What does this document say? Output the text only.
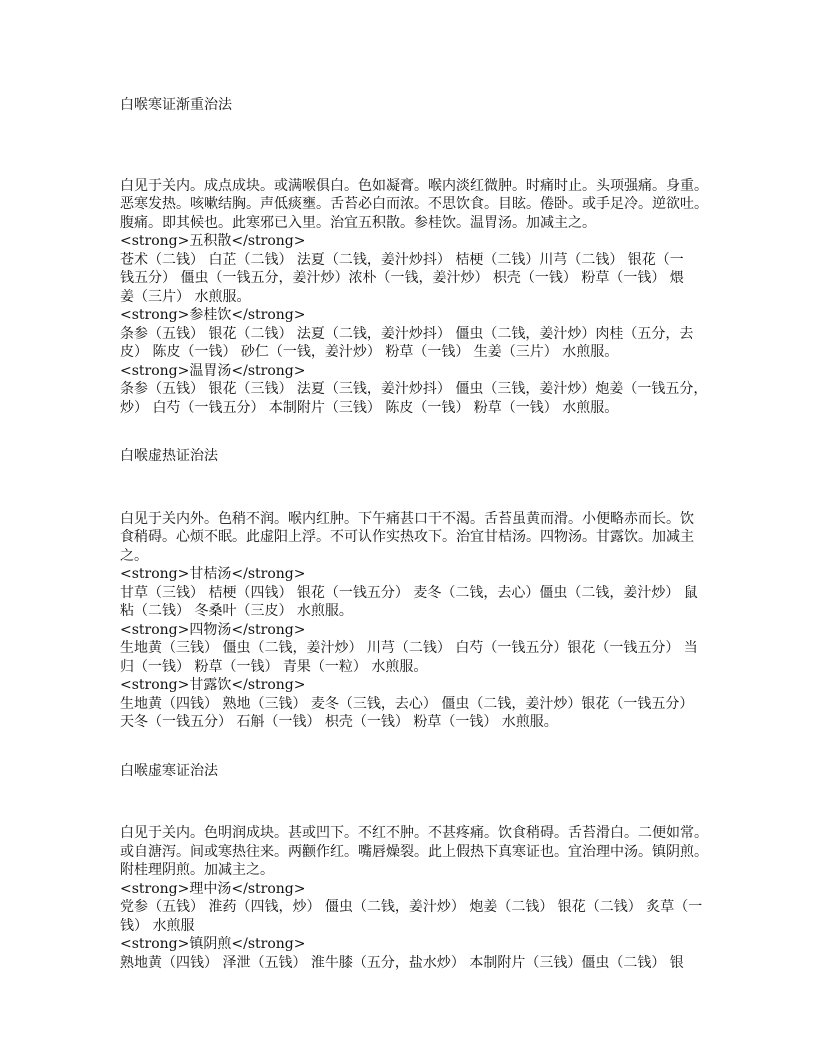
白喉寒证渐重治法
白见于关内。成点成块。或满喉俱白。色如凝膏。喉内淡红微肿。时痛时止。头项强痛。身重。
恶寒发热。咳嗽结胸。声低痰壅。舌苔必白而浓。不思饮食。目眩。倦卧。或手足冷。逆欲吐。
腹痛。即其候也。此寒邪已入里。治宜五积散。参桂饮。温胃汤。加减主之。
<strong>五积散</strong>
苍术（二钱） 白芷（二钱） 法夏（二钱，姜汁炒抖） 桔梗（二钱）川芎（二钱） 银花（一
钱五分） 僵虫（一钱五分，姜汁炒）浓朴（一钱，姜汁炒） 枳壳（一钱） 粉草（一钱） 煨
姜（三片） 水煎服。
<strong>参桂饮</strong>
条参（五钱） 银花（二钱） 法夏（二钱，姜汁炒抖） 僵虫（二钱，姜汁炒）肉桂（五分，去
皮） 陈皮（一钱） 砂仁（一钱，姜汁炒） 粉草（一钱） 生姜（三片） 水煎服。
<strong>温胃汤</strong>
条参（五钱） 银花（三钱） 法夏（三钱，姜汁炒抖） 僵虫（三钱，姜汁炒）炮姜（一钱五分，
炒） 白芍（一钱五分） 本制附片（三钱） 陈皮（一钱） 粉草（一钱） 水煎服。
白喉虚热证治法
白见于关内外。色稍不润。喉内红肿。下午痛甚口干不渴。舌苔虽黄而滑。小便略赤而长。饮
食稍碍。心烦不眠。此虚阳上浮。不可认作实热攻下。治宜甘桔汤。四物汤。甘露饮。加减主
之。
<strong>甘桔汤</strong>
甘草（三钱） 桔梗（四钱） 银花（一钱五分） 麦冬（二钱，去心）僵虫（二钱，姜汁炒） 鼠
粘（二钱） 冬桑叶（三皮） 水煎服。
<strong>四物汤</strong>
生地黄（三钱） 僵虫（二钱，姜汁炒） 川芎（二钱） 白芍（一钱五分）银花（一钱五分） 当
归（一钱） 粉草（一钱） 青果（一粒） 水煎服。
<strong>甘露饮</strong>
生地黄（四钱） 熟地（三钱） 麦冬（三钱，去心） 僵虫（二钱，姜汁炒）银花（一钱五分）
天冬（一钱五分） 石斛（一钱） 枳壳（一钱） 粉草（一钱） 水煎服。
白喉虚寒证治法
白见于关内。色明润成块。甚或凹下。不红不肿。不甚疼痛。饮食稍碍。舌苔滑白。二便如常。
或自溏泻。间或寒热往来。两颧作红。嘴唇燥裂。此上假热下真寒证也。宜治理中汤。镇阴煎。
附桂理阴煎。加减主之。
<strong>理中汤</strong>
党参（五钱） 淮药（四钱，炒） 僵虫（二钱，姜汁炒） 炮姜（二钱） 银花（二钱） 炙草（一
钱） 水煎服
<strong>镇阴煎</strong>
熟地黄（四钱） 泽泄（五钱） 淮牛膝（五分，盐水炒） 本制附片（三钱）僵虫（二钱） 银
